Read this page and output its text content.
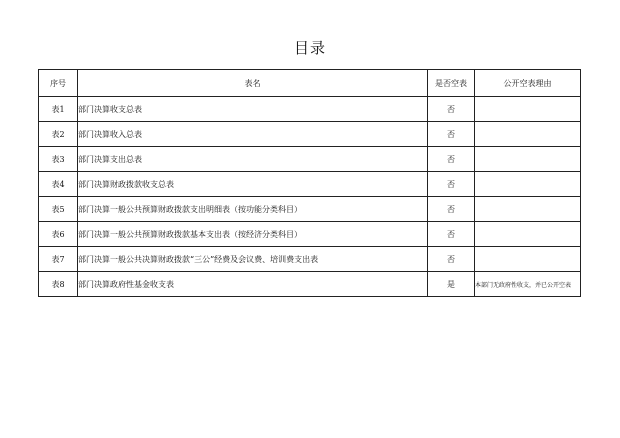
目录
序号	表名	是否空表	公开空表理由
表1	部门决算收支总表	否	
表2	部门决算收入总表	否	
表3	部门决算支出总表	否	
表4	部门决算财政拨款收支总表	否	
表5	部门决算一般公共预算财政拨款支出明细表（按功能分类科目）	否	
表6	部门决算一般公共预算财政拨款基本支出表（按经济分类科目）	否	
表7	部门决算一般公共决算财政拨款“三公”经费及会议费、培训费支出表	否	
表8	部门决算政府性基金收支表	是	本部门无政府性收支，并已公开空表
